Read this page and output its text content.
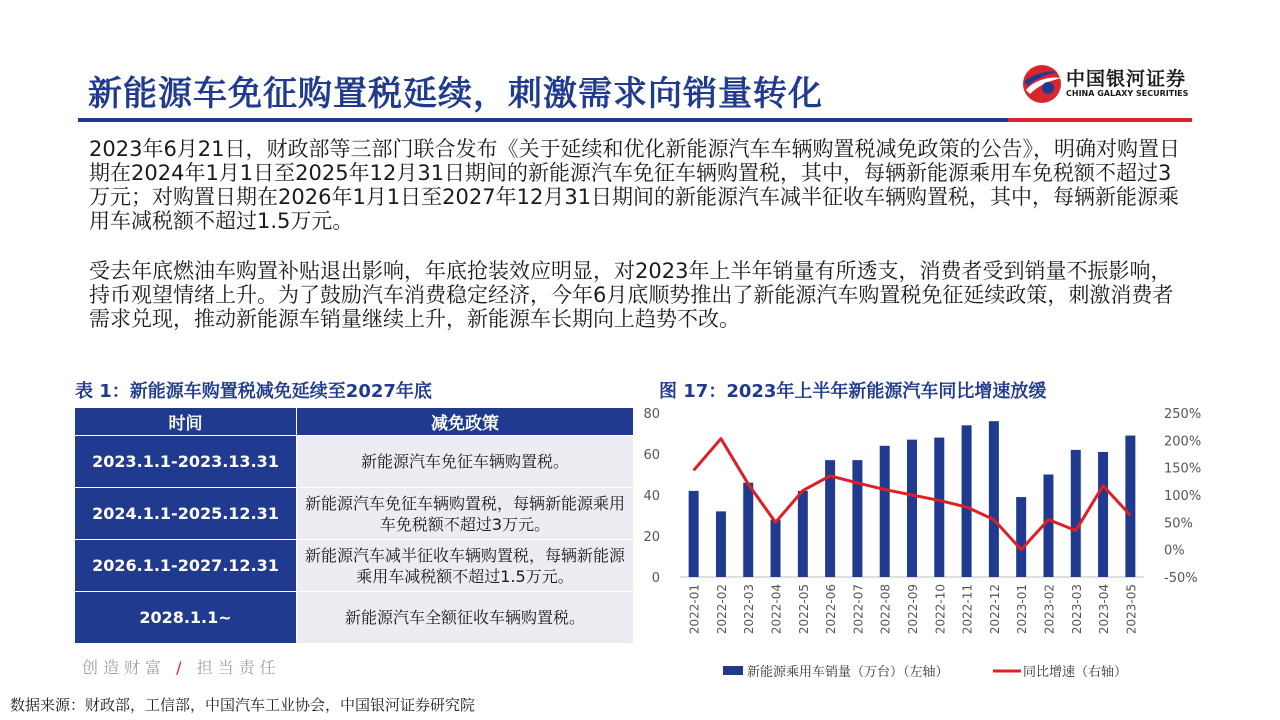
新能源车免征购置税延续，刺激需求向销量转化	中国银河证券
CHINA GALAXY SECURITIES
2023年6月21日，财政部等三部门联合发布《关于延续和优化新能源汽车车辆购置税减免政策的公告》，明确对购置日期在2024年1月1日至2025年12月31日期间的新能源汽车免征车辆购置税，其中，每辆新能源乘用车免税额不超过3万元；对购置日期在2026年1月1日至2027年12月31日期间的新能源汽车减半征收车辆购置税，其中，每辆新能源乘用车减税额不超过1.5万元。
受去年底燃油车购置补贴退出影响，年底抢装效应明显，对2023年上半年销量有所透支，消费者受到销量不振影响，持币观望情绪上升。为了鼓励汽车消费稳定经济，今年6月底顺势推出了新能源汽车购置税免征延续政策，刺激消费者需求兑现，推动新能源车销量继续上升，新能源车长期向上趋势不改。
表 1：新能源车购置税减免延续至2027年底
时间	减免政策
2023.1.1-2023.13.31	新能源汽车免征车辆购置税。
2024.1.1-2025.12.31	新能源汽车免征车辆购置税，每辆新能源乘用车免税额不超过3万元。
2026.1.1-2027.12.31	新能源汽车减半征收车辆购置税，每辆新能源乘用车减税额不超过1.5万元。
2028.1.1~	新能源汽车全额征收车辆购置税。
图 17：2023年上半年新能源汽车同比增速放缓
0
20
40
60
80
-50%
0%
50%
100%
150%
200%
250%
2022-01 2022-02 2022-03 2022-04 2022-05 2022-06 2022-07 2022-08 2022-09 2022-10 2022-11 2022-12 2023-01 2023-02 2023-03 2023-04 2023-05
新能源乘用车销量（万台）（左轴）	同比增速（右轴）
创造财富 / 担当责任
数据来源：财政部，工信部，中国汽车工业协会，中国银河证券研究院
